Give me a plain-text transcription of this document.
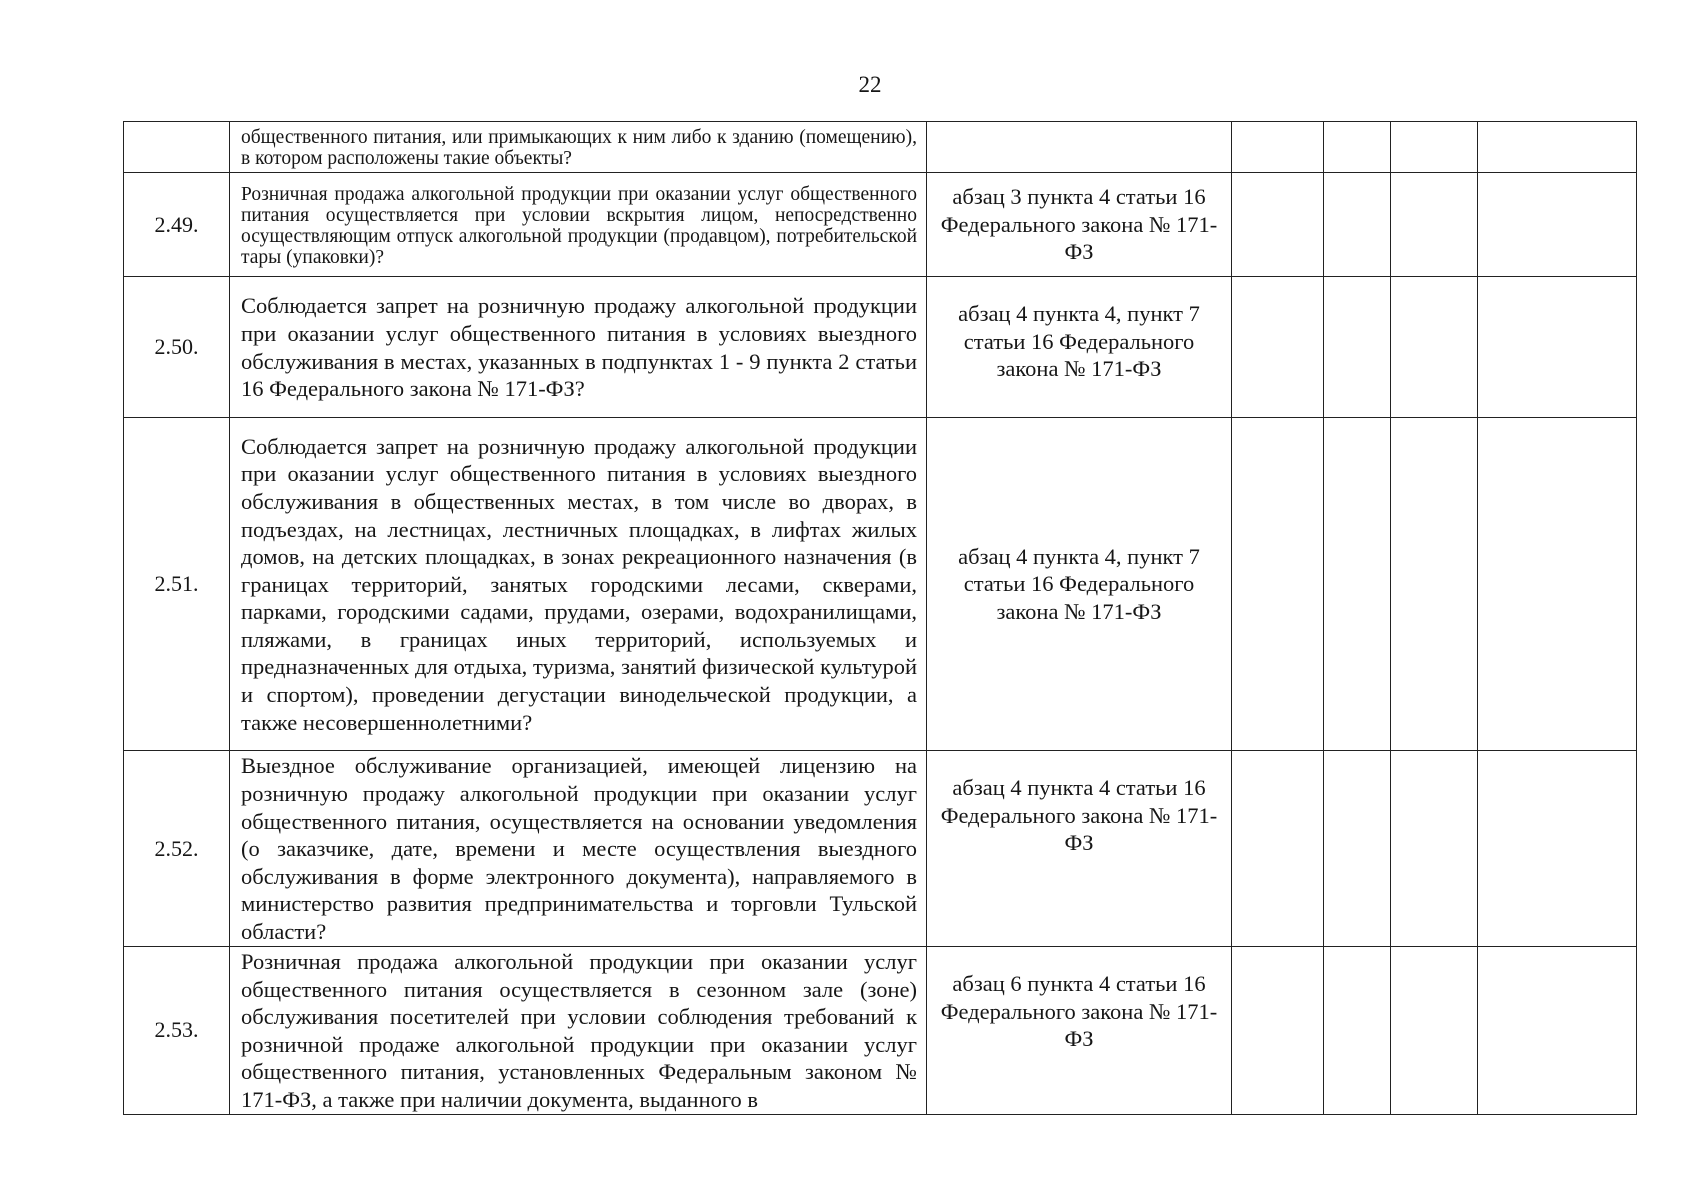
22
	общественного питания, или примыкающих к ним либо к зданию (помещению), в котором расположены такие объекты?					
2.49.	Розничная продажа алкогольной продукции при оказании услуг общественного питания осуществляется при условии вскрытия лицом, непосредственно осуществляющим отпуск алкогольной продукции (продавцом), потребительской тары (упаковки)?	абзац 3 пункта 4 статьи 16 Федерального закона № 171-ФЗ				
2.50.	Соблюдается запрет на розничную продажу алкогольной продукции при оказании услуг общественного питания в условиях выездного обслуживания в местах, указанных в подпунктах 1 - 9 пункта 2 статьи 16 Федерального закона № 171-ФЗ?	абзац 4 пункта 4, пункт 7 статьи 16 Федерального закона № 171-ФЗ				
2.51.	Соблюдается запрет на розничную продажу алкогольной продукции при оказании услуг общественного питания в условиях выездного обслуживания в общественных местах, в том числе во дворах, в подъездах, на лестницах, лестничных площадках, в лифтах жилых домов, на детских площадках, в зонах рекреационного назначения (в границах территорий, занятых городскими лесами, скверами, парками, городскими садами, прудами, озерами, водохранилищами, пляжами, в границах иных территорий, используемых и предназначенных для отдыха, туризма, занятий физической культурой и спортом), проведении дегустации винодельческой продукции, а также несовершеннолетними?	абзац 4 пункта 4, пункт 7 статьи 16 Федерального закона № 171-ФЗ				
2.52.	Выездное обслуживание организацией, имеющей лицензию на розничную продажу алкогольной продукции при оказании услуг общественного питания, осуществляется на основании уведомления (о заказчике, дате, времени и месте осуществления выездного обслуживания в форме электронного документа), направляемого в министерство развития предпринимательства и торговли Тульской области?	абзац 4 пункта 4 статьи 16 Федерального закона № 171-ФЗ				
2.53.	Розничная продажа алкогольной продукции при оказании услуг общественного питания осуществляется в сезонном зале (зоне) обслуживания посетителей при условии соблюдения требований к розничной продаже алкогольной продукции при оказании услуг общественного питания, установленных Федеральным законом № 171-ФЗ, а также при наличии документа, выданного в	абзац 6 пункта 4 статьи 16 Федерального закона № 171-ФЗ				
